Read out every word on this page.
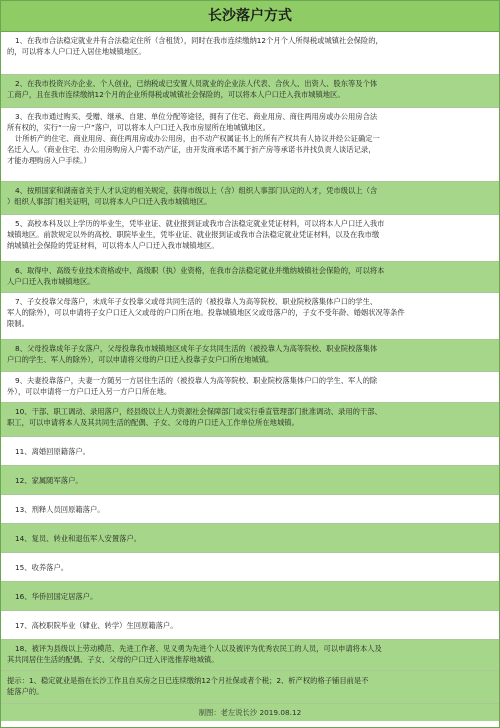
长沙落户方式
1、在我市合法稳定就业并有合法稳定住所（含租赁），同时在我市连续缴纳12个月个人所得税或城镇社会保险的，
的，可以将本人户口迁入居住地城镇地区。
2、在我市投资兴办企业、个人创业，已纳税或已安置人员就业的企业法人代表、合伙人、出资人、股东等及个体
工商户，且在我市连续缴纳12个月的企业所得税或城镇社会保险的，可以将本人户口迁入我市城镇地区。
3、在我市通过购买、受赠、继承、自建、单位分配等途径，拥有了住宅、商业用房、商住两用房或办公用房合法
所有权的，实行“一房一户”落户，可以将本人户口迁入我市房屋所在地城镇地区。
计所析产的住宅、商业用房、商住两用房或办公用房，由不动产权属证书上的所有产权共有人协议并经公证确定一
名迁入人。（商业住宅、办公用房购房入户需不动产证，由开发商承诺不属于折产房等承诺书并找负责人谈话记录，
才能办理购房入户手续。）
4、按照国家和湖南省关于人才认定的相关规定，获得市级以上（含）组织人事部门认定的人才，凭市级以上（含
）组织人事部门相关证明，可以将本人户口迁入我市城镇地区。
5、高校本科及以上学历的毕业生，凭毕业证、就业报到证或我市合法稳定就业凭证材料，可以将本人户口迁入我市
城镇地区。前款规定以外的高校、职院毕业生，凭毕业证、就业报到证或我市合法稳定就业凭证材料，以及在我市缴
纳城镇社会保险的凭证材料，可以将本人户口迁入我市城镇地区。
6、取得中、高级专业技术资格或中、高级职（执）业资格，在我市合法稳定就业并缴纳城镇社会保险的，可以将本
人户口迁入我市城镇地区。
7、子女投靠父母落户，未成年子女投靠父或母共同生活的（被投靠人为高等院校、职业院校落集体户口的学生、
军人的除外），可以申请将子女户口迁入父或母的户口所在地。投靠城镇地区父或母落户的，子女不受年龄、婚姻状况等条件
限制。
8、父母投靠成年子女落户，父母投靠我市城镇地区成年子女共同生活的（被投靠人为高等院校、职业院校落集体
户口的学生、军人的除外），可以申请将父母的户口迁入投靠子女户口所在地城镇。
9、夫妻投靠落户，夫妻一方随另一方居住生活的（被投靠人为高等院校、职业院校落集体户口的学生、军人的除
外），可以申请将一方户口迁入另一方户口所在地。
10、干部、职工调动、录用落户，经县级以上人力资源社会保障部门或实行垂直管理部门批准调动、录用的干部、
职工，可以申请将本人及其共同生活的配偶、子女、父母的户口迁入工作单位所在地城镇。
11、离婚回原籍落户。
12、家属随军落户。
13、刑释人员回原籍落户。
14、复员、转业和退伍军人安置落户。
15、收养落户。
16、华侨回国定居落户。
17、高校职院毕业（肄业、转学）生回原籍落户。
18、被评为县级以上劳动模范、先进工作者、见义勇为先进个人以及被评为优秀农民工的人员，可以申请将本人及
其共同居住生活的配偶、子女、父母的户口迁入评选推荐地城镇。
提示：1、稳定就业是指在长沙工作且自买房之日已连续缴纳12个月社保或者个税；2、析产权的格子铺目前是不
能落户的。
制图：老左说长沙 2019.08.12
